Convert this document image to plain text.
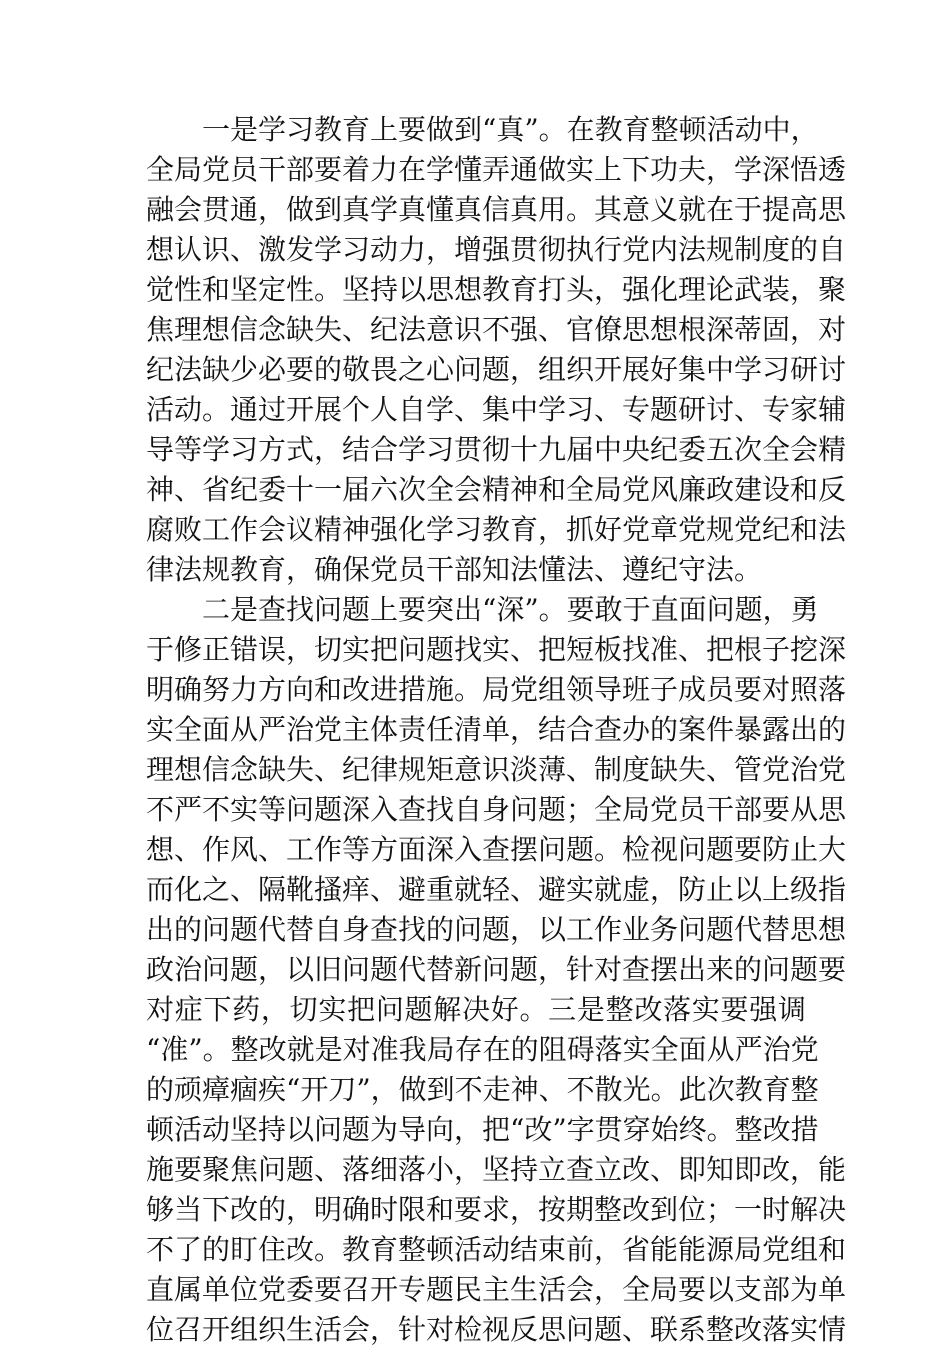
一是学习教育上要做到“真”。在教育整顿活动中，
全局党员干部要着力在学懂弄通做实上下功夫，学深悟透
融会贯通，做到真学真懂真信真用。其意义就在于提高思
想认识、激发学习动力，增强贯彻执行党内法规制度的自
觉性和坚定性。坚持以思想教育打头，强化理论武装，聚
焦理想信念缺失、纪法意识不强、官僚思想根深蒂固，对
纪法缺少必要的敬畏之心问题，组织开展好集中学习研讨
活动。通过开展个人自学、集中学习、专题研讨、专家辅
导等学习方式，结合学习贯彻十九届中央纪委五次全会精
神、省纪委十一届六次全会精神和全局党风廉政建设和反
腐败工作会议精神强化学习教育，抓好党章党规党纪和法
律法规教育，确保党员干部知法懂法、遵纪守法。
二是查找问题上要突出“深”。要敢于直面问题，勇
于修正错误，切实把问题找实、把短板找准、把根子挖深
明确努力方向和改进措施。局党组领导班子成员要对照落
实全面从严治党主体责任清单，结合查办的案件暴露出的
理想信念缺失、纪律规矩意识淡薄、制度缺失、管党治党
不严不实等问题深入查找自身问题；全局党员干部要从思
想、作风、工作等方面深入查摆问题。检视问题要防止大
而化之、隔靴搔痒、避重就轻、避实就虚，防止以上级指
出的问题代替自身查找的问题，以工作业务问题代替思想
政治问题，以旧问题代替新问题，针对查摆出来的问题要
对症下药，切实把问题解决好。三是整改落实要强调
“准”。整改就是对准我局存在的阻碍落实全面从严治党
的顽瘴痼疾“开刀”，做到不走神、不散光。此次教育整
顿活动坚持以问题为导向，把“改”字贯穿始终。整改措
施要聚焦问题、落细落小，坚持立查立改、即知即改，能
够当下改的，明确时限和要求，按期整改到位；一时解决
不了的盯住改。教育整顿活动结束前，省能能源局党组和
直属单位党委要召开专题民主生活会，全局要以支部为单
位召开组织生活会，针对检视反思问题、联系整改落实情
